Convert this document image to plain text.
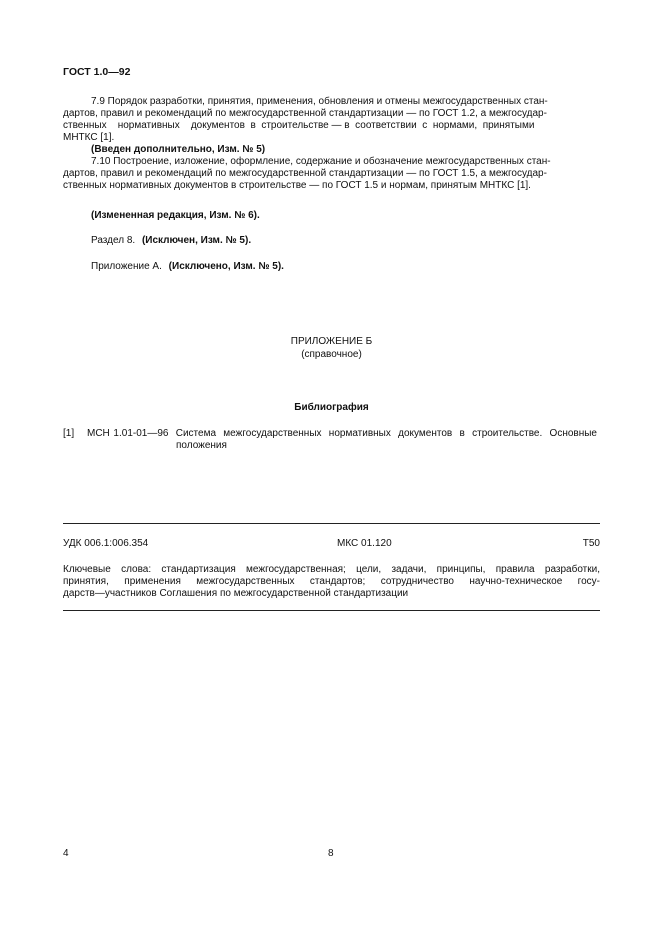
ГОСТ 1.0—92
7.9 Порядок разработки, принятия, применения, обновления и отмены межгосударственных стан-
дартов, правил и рекомендаций по межгосударственной стандартизации — по ГОСТ 1.2, а межгосудар-
ственных    нормативных    документов  в  строительстве — в  соответствии  с  нормами,  принятыми
МНТКС [1].
(Введен дополнительно, Изм. № 5)
7.10 Построение, изложение, оформление, содержание и обозначение межгосударственных стан-
дартов, правил и рекомендаций по межгосударственной стандартизации — по ГОСТ 1.5, а межгосудар-
ственных нормативных документов в строительстве — по ГОСТ 1.5 и нормам, принятым МНТКС [1].
(Измененная редакция, Изм. № 6).
Раздел 8. (Исключен, Изм. № 5).
Приложение А. (Исключено, Изм. № 5).
ПРИЛОЖЕНИЕ Б
(справочное)
Библиография
[1] МСН 1.01-01—96  Система  межгосударственных  нормативных  документов  в  строительстве.  Основные
положения
УДК 006.1:006.354	МКС 01.120	Т50
Ключевые слова: стандартизация межгосударственная; цели, задачи, принципы, правила разработки,
принятия, применения межгосударственных стандартов; сотрудничество научно-техническое госу-
дарств—участников Соглашения по межгосударственной стандартизации
4	8
